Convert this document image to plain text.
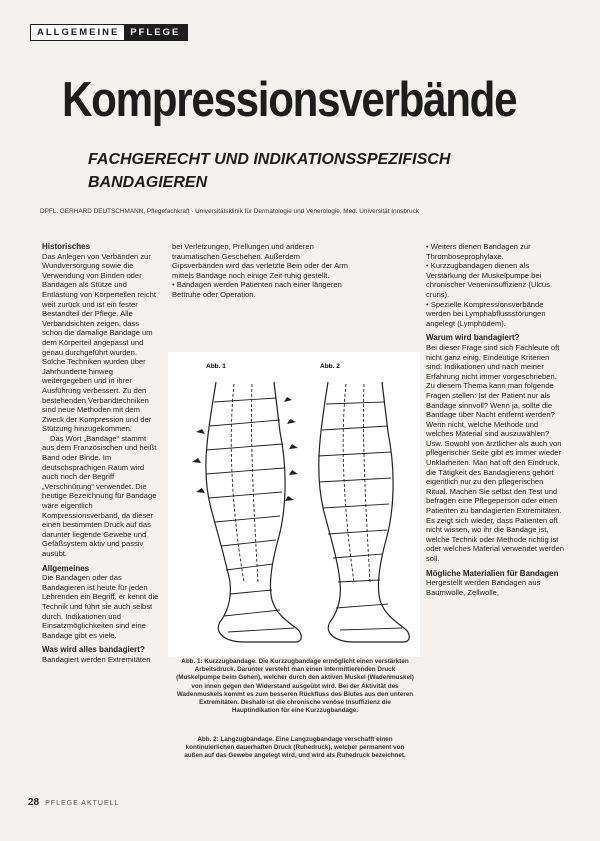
ALLGEMEINE	PFLEGE
Kompressionsverbände
FACHGERECHT UND INDIKATIONSSPEZIFISCH BANDAGIEREN
DPFL. GERHARD DEUTSCHMANN, Pflegefachkraft · Universitätsklinik für Dermatologie und Venerologie, Med. Universität Innsbruck

Historisches

Das Anlegen von Verbänden zur Wundversorgung sowie die Verwendung von Binden oder Bandagen als Stütze und Entlastung von Körperteilen reicht weit zurück und ist ein fester Bestandteil der Pflege. Alle Verbandsichten zeigen, dass schon die damalige Bandage um dem Körperteil angepasst und genau durchgeführt wurden. Solche Techniken wurden über Jahrhunderte hinweg weitergegeben und in ihrer Ausführung verbessert. Zu den bestehenden Verbandtechniken sind neue Methoden mit dem Zweck der Kompression und der Stützung hinzugekommen.

Das Wort „Bandage“ stammt aus dem Französischen und heißt Band oder Binde. Im deutschsprachigen Raum wird auch noch der Begriff „Verschnürung“ verwendet. Die heutige Bezeichnung für Bandage wäre eigentlich Kompressionsverband, da dieser einen bestimmten Druck auf das darunter liegende Gewebe und Gefäßsystem aktiv und passiv ausübt.

Allgemeines

Die Bandagen oder das Bandagieren ist heute für jeden Lehrenden ein Begriff, er kennt die Technik und führt sie auch selbst durch. Indikationen und Einsatzmöglichkeiten sind eine Bandage gibt es viele.

Was wird alles bandagiert?

Bandagiert werden Extremitäten

bei Verletzungen, Prellungen und anderen traumatischen Geschehen. Außerdem Gipsverbänden wird das verletzte Bein oder der Arm mittels Bandage noch einige Zeit ruhig gestellt.

• Bandagen werden Patienten nach einer längeren Bettruhe oder Operation.

• Weiters dienen Bandagen zur Thromboseprophylaxe.

• Kurzzugbandagen dienen als Verstärkung der Muskelpumpe bei chronischer Veneninsuffizienz (Ulcus cruris).

• Spezielle Kompressionsverbände werden bei Lymphabflussstörungen angelegt (Lymphödem).

Warum wird bandagiert?

Bei dieser Frage sind sich Fachleute oft nicht ganz einig. Eindeutige Kriterien sind: Indikationen und nach meiner Erfahrung nicht immer vorgeschrieben. Zu diesem Thema kann man folgende Fragen stellen: Ist der Patient nur als Bandage sinnvoll? Wenn ja, sollte die Bandage über Nacht entfernt werden? Wenn nicht, welche Methode und welches Material sind auszuwählen? Usw. Sowohl von ärztlicher als auch von pflegerischer Seite gibt es immer wieder Unklarheiten. Man hat oft den Eindruck, die Tätigkeit des Bandagierens gehört eigentlich nur zu den pflegerischen Ritual. Machen Sie selbst den Test und befragen eine Pflegeperson oder einen Patienten zu bandagierten Extremitäten. Es zeigt sich wieder, dass Patienten oft nicht wissen, wo ihr die Bandage ist, welche Technik oder Methode richtig ist oder welches Material verwendet werden soll.

Mögliche Materialien für Bandagen

Hergestellt werden Bandagen aus Baumwolle, Zellwolle,

Abb. 1	Abb. 2
Abb. 1: Kurzzugbandage. Die Kurzzugbandage ermöglicht einen verstärkten Arbeitsdruck. Darunter versteht man einen intermittierenden Druck (Muskelpumpe beim Gehen), welcher durch den aktiven Muskel (Wadenmuskel) von innen gegen den Widerstand ausgeübt wird. Bei der Aktivität des Wadenmuskels kommt es zum besseren Rückfluss des Blutes aus den unteren Extremitäten. Deshalb ist die chronische venöse Insuffizienz die Hauptindikation für eine Kurzzugbandage.
Abb. 2: Langzugbandage. Eine Langzugbandage verschafft einen kontinuierlichen dauerhaften Druck (Ruhedruck), welcher permanent von außen auf das Gewebe angelegt wird, und wird als Ruhedruck bezeichnet.
28 PFLEGE AKTUELL
